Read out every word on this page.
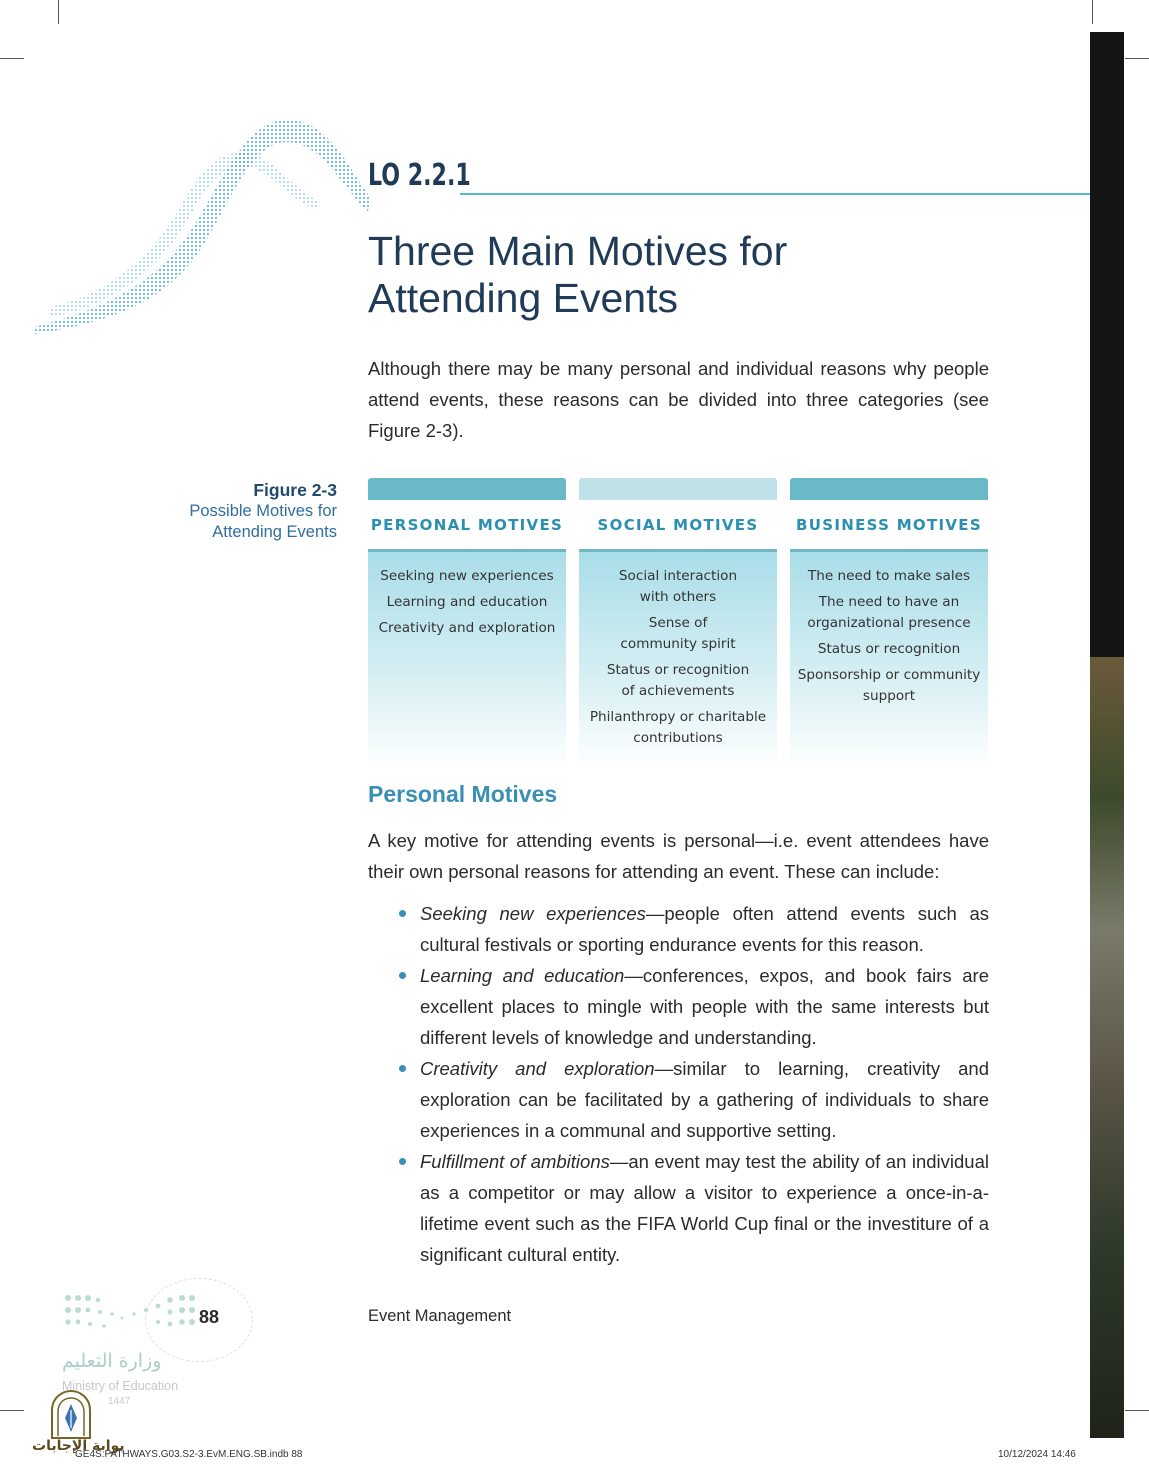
LO 2.2.1
Three Main Motives for
Attending Events

Although there may be many personal and individual reasons why people attend events, these reasons can be divided into three categories (see Figure 2-3).

Figure 2-3
Possible Motives for
Attending Events PERSONAL MOTIVES
Seeking new experiences
Learning and education
Creativity and exploration
SOCIAL MOTIVES
Social interaction with others
Sense of community spirit
Status or recognition of achievements
Philanthropy or charitable contributions
BUSINESS MOTIVES
The need to make sales
The need to have an organizational presence
Status or recognition
Sponsorship or community support
Personal Motives

A key motive for attending events is personal—i.e. event attendees have their own personal reasons for attending an event. These can include:

Seeking new experiences—people often attend events such as cultural festivals or sporting endurance events for this reason.
Learning and education—conferences, expos, and book fairs are excellent places to mingle with people with the same interests but different levels of knowledge and understanding.
Creativity and exploration—similar to learning, creativity and exploration can be facilitated by a gathering of individuals to share experiences in a communal and supportive setting.
Fulfillment of ambitions—an event may test the ability of an individual as a competitor or may allow a visitor to experience a once-in-a-lifetime event such as the FIFA World Cup final or the investiture of a significant cultural entity.
88	Event Management
وزارة التعليم
Ministry of Education
1447
بوابة الإجابات
GE4S.PATHWAYS.G03.S2-3.EvM.ENG.SB.indb 88	10/12/2024 14:46
